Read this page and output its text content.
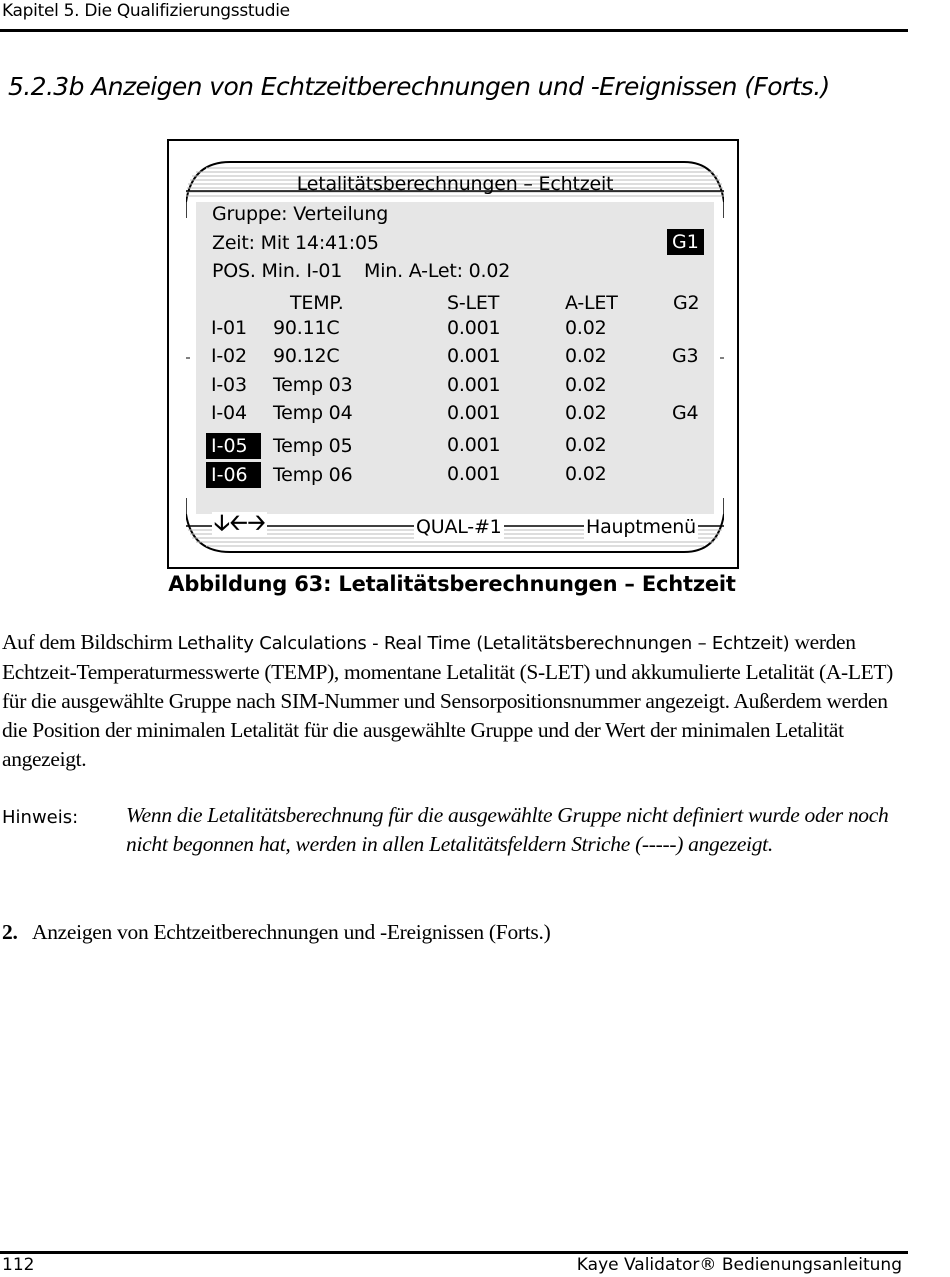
Kapitel 5. Die Qualifizierungsstudie
5.2.3b Anzeigen von Echtzeitberechnungen und -Ereignissen (Forts.)
Letalitätsberechnungen – Echtzeit
Gruppe: Verteilung
Zeit: Mit 14:41:05	G1
POS. Min. I-01 Min. A-Let: 0.02
TEMP.	S-LET	A-LET	G2
I-01 90.11C	0.001	0.02
I-02 90.12C	0.001	0.02	G3
I-03 Temp 03	0.001	0.02
I-04 Temp 04	0.001	0.02	G4
I-05	Temp 05	0.001	0.02
I-06	Temp 06	0.001	0.02
🡣🡠🡢	QUAL-#1	Hauptmenü
Abbildung 63: Letalitätsberechnungen – Echtzeit
Auf dem Bildschirm Lethality Calculations - Real Time (Letalitätsberechnungen – Echtzeit) werden Echtzeit-Temperaturmesswerte (TEMP), momentane Letalität (S-LET) und akkumulierte Letalität (A-LET) für die ausgewählte Gruppe nach SIM-Nummer und Sensorpositionsnummer angezeigt. Außerdem werden die Position der minimalen Letalität für die ausgewählte Gruppe und der Wert der minimalen Letalität angezeigt.
Hinweis: Wenn die Letalitätsberechnung für die ausgewählte Gruppe nicht definiert wurde oder noch nicht begonnen hat, werden in allen Letalitätsfeldern Striche (-----) angezeigt.
2. Anzeigen von Echtzeitberechnungen und -Ereignissen (Forts.)
112	Kaye Validator® Bedienungsanleitung
